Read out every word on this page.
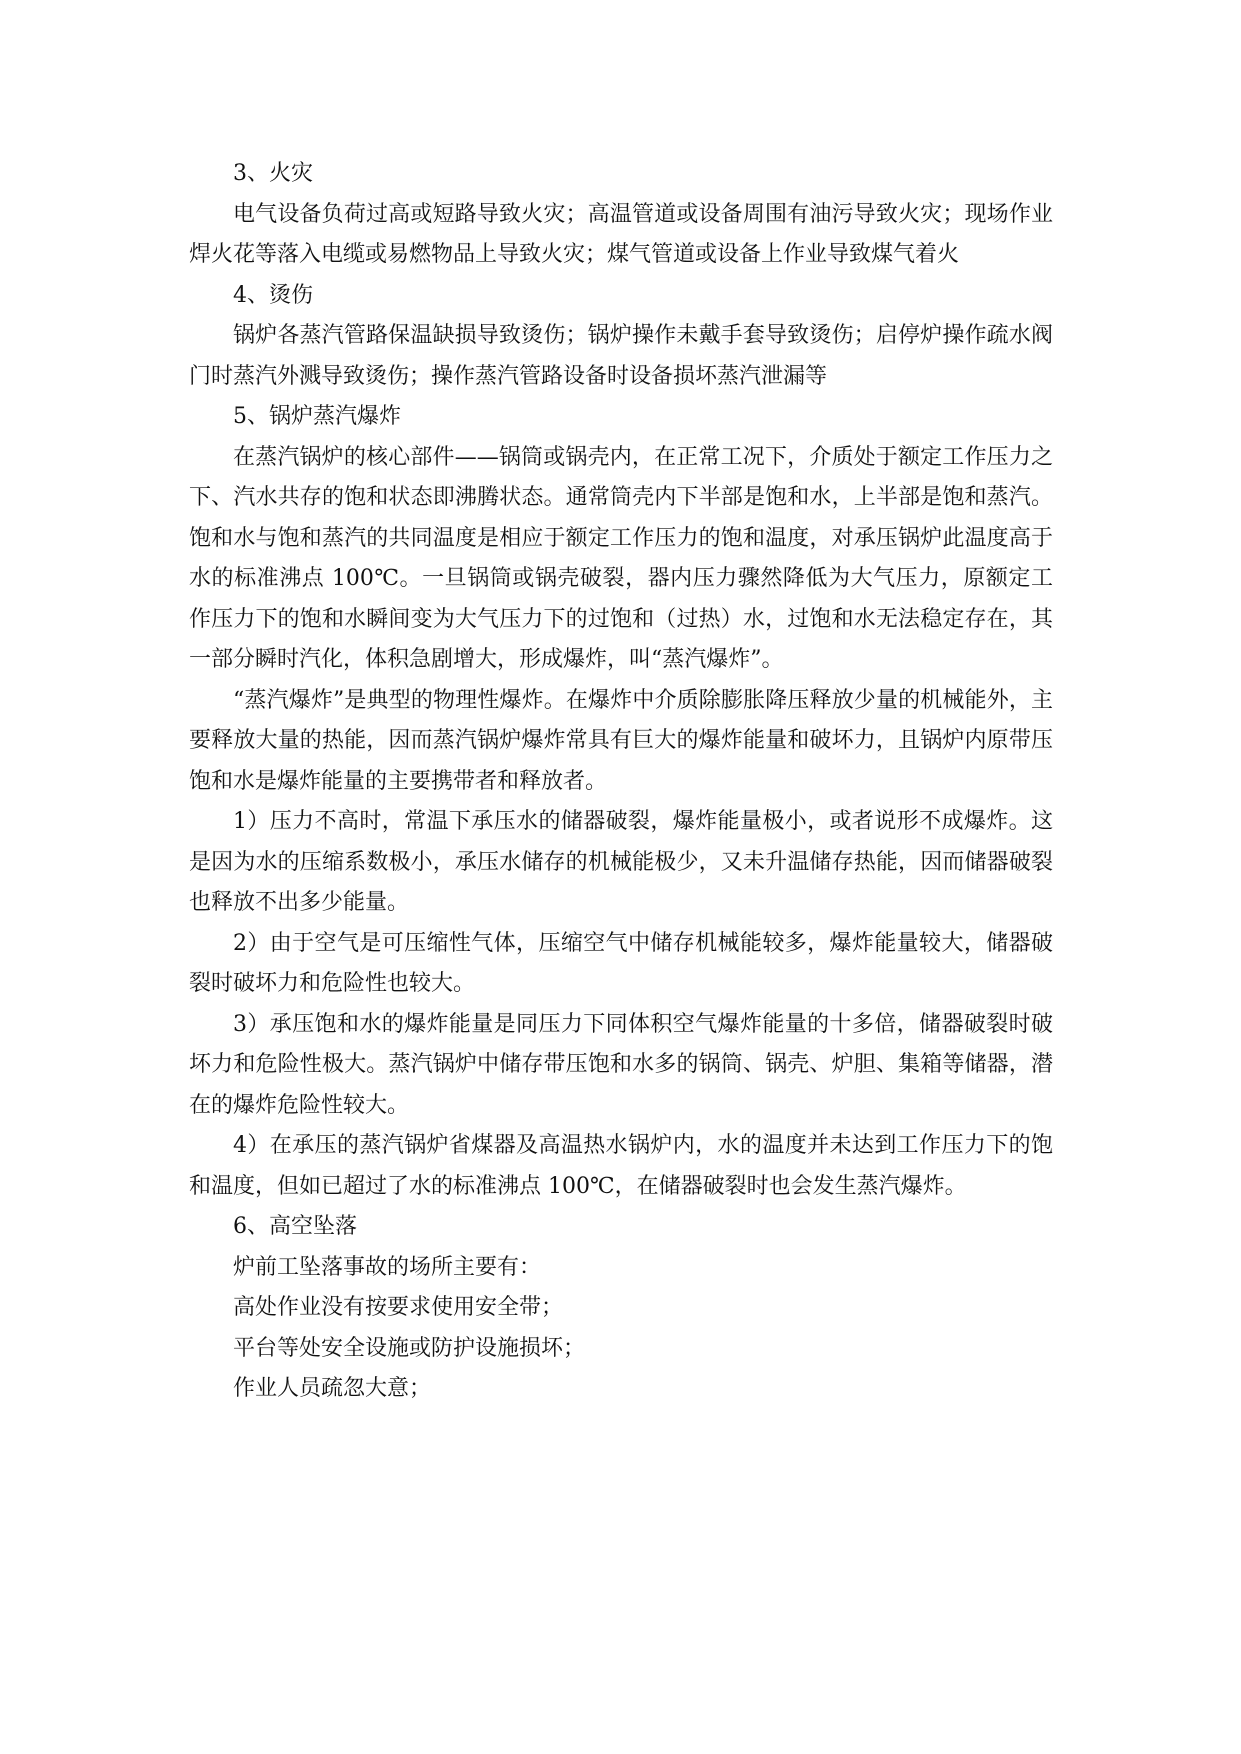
3、火灾

电气设备负荷过高或短路导致火灾；高温管道或设备周围有油污导致火灾；现场作业焊火花等落入电缆或易燃物品上导致火灾；煤气管道或设备上作业导致煤气着火

4、烫伤

锅炉各蒸汽管路保温缺损导致烫伤；锅炉操作未戴手套导致烫伤；启停炉操作疏水阀门时蒸汽外溅导致烫伤；操作蒸汽管路设备时设备损坏蒸汽泄漏等

5、锅炉蒸汽爆炸

在蒸汽锅炉的核心部件——锅筒或锅壳内，在正常工况下，介质处于额定工作压力之下、汽水共存的饱和状态即沸腾状态。通常筒壳内下半部是饱和水，上半部是饱和蒸汽。饱和水与饱和蒸汽的共同温度是相应于额定工作压力的饱和温度，对承压锅炉此温度高于水的标准沸点 100℃。一旦锅筒或锅壳破裂，器内压力骤然降低为大气压力，原额定工作压力下的饱和水瞬间变为大气压力下的过饱和（过热）水，过饱和水无法稳定存在，其一部分瞬时汽化，体积急剧增大，形成爆炸，叫“蒸汽爆炸”。

“蒸汽爆炸”是典型的物理性爆炸。在爆炸中介质除膨胀降压释放少量的机械能外，主要释放大量的热能，因而蒸汽锅炉爆炸常具有巨大的爆炸能量和破坏力，且锅炉内原带压饱和水是爆炸能量的主要携带者和释放者。

1）压力不高时，常温下承压水的储器破裂，爆炸能量极小，或者说形不成爆炸。这是因为水的压缩系数极小，承压水储存的机械能极少，又未升温储存热能，因而储器破裂也释放不出多少能量。

2）由于空气是可压缩性气体，压缩空气中储存机械能较多，爆炸能量较大，储器破裂时破坏力和危险性也较大。

3）承压饱和水的爆炸能量是同压力下同体积空气爆炸能量的十多倍，储器破裂时破坏力和危险性极大。蒸汽锅炉中储存带压饱和水多的锅筒、锅壳、炉胆、集箱等储器，潜在的爆炸危险性较大。

4）在承压的蒸汽锅炉省煤器及高温热水锅炉内，水的温度并未达到工作压力下的饱和温度，但如已超过了水的标准沸点 100℃，在储器破裂时也会发生蒸汽爆炸。

6、高空坠落

炉前工坠落事故的场所主要有：

高处作业没有按要求使用安全带；

平台等处安全设施或防护设施损坏；

作业人员疏忽大意；
